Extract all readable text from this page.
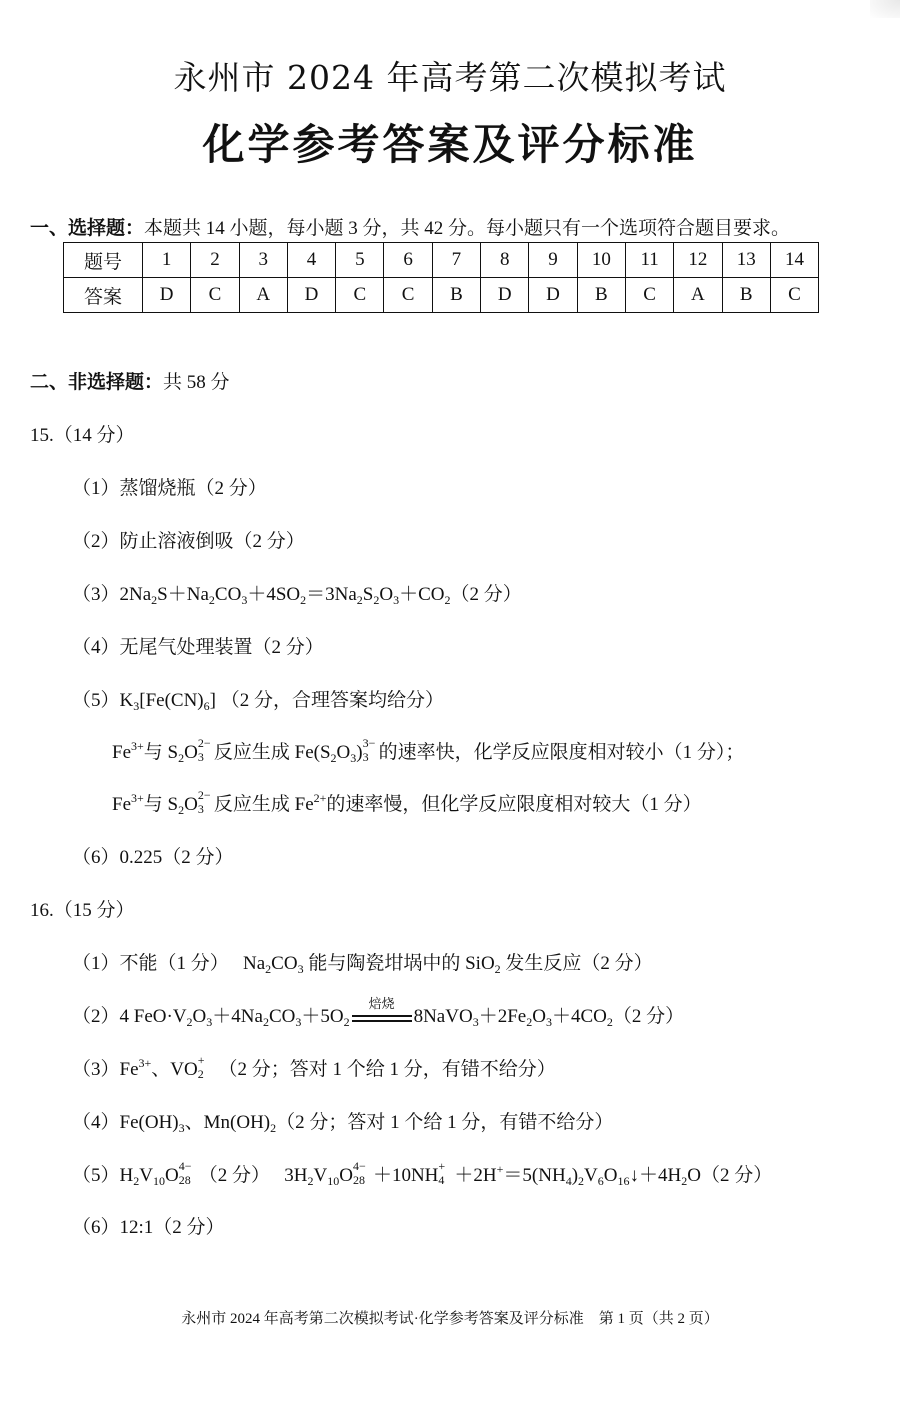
永州市 2024 年高考第二次模拟考试
化学参考答案及评分标准
一、选择题：本题共 14 小题，每小题 3 分，共 42 分。每小题只有一个选项符合题目要求。
题号	1	2	3	4	5	6	7	8	9	10	11	12	13	14
答案	D	C	A	D	C	C	B	D	D	B	C	A	B	C
二、非选择题：共 58 分
15.（14 分）
（1）蒸馏烧瓶（2 分）
（2）防止溶液倒吸（2 分）
$(3)2Na_2S+Na_2CO_3+4SO_2=3Na_2S_2O_3+CO_2(2$ 分）
（4）无尾气处理装置（2 分）
$(5)K_3[Fe(CN)_6]$ （2 分，合理答案均给分）
$Fe^{3+}$与 $S_2O$ 2−
3 反应生成 $Fe(S_2O_3)$ 3−
3 的速率快，化学反应限度相对较小（1 分）；
$Fe^{3+}$与 $S_2O$ 2−
3 反应生成 $Fe^{2+}$的速率慢，但化学反应限度相对较大（1 分）
（6）0.225（2 分）
16.（15 分）
（1）不能（1 分）   $Na_2CO_3$ 能与陶瓷坩埚中的 SiO$_2$ 发生反应（2 分）
（2）4 $FeO\cdot V_2O_3+4Na_2CO_3+5O_2$
焙烧
$8NaVO_3+2Fe_2O_3+4CO_2(2$ 分）
$(3)Fe^{3+}$、VO +
2 （2 分；答对 1 个给 1 分，有错不给分）
$(4)Fe(OH)_3$、$Mn(OH)_2(2$ 分；答对 1 个给 1 分，有错不给分）
$(5)H_2V_{10}O$ 4−
28 （2 分） $3H_2V_{10}O$ 4−
28 ＋10NH +
$4 +2H^+=5(NH_4)_2V_6O_{16}↓+4H_2O(2$ 分）
（6）12:1（2 分）
永州市 2024 年高考第二次模拟考试·化学参考答案及评分标准　第 1 页（共 2 页）
